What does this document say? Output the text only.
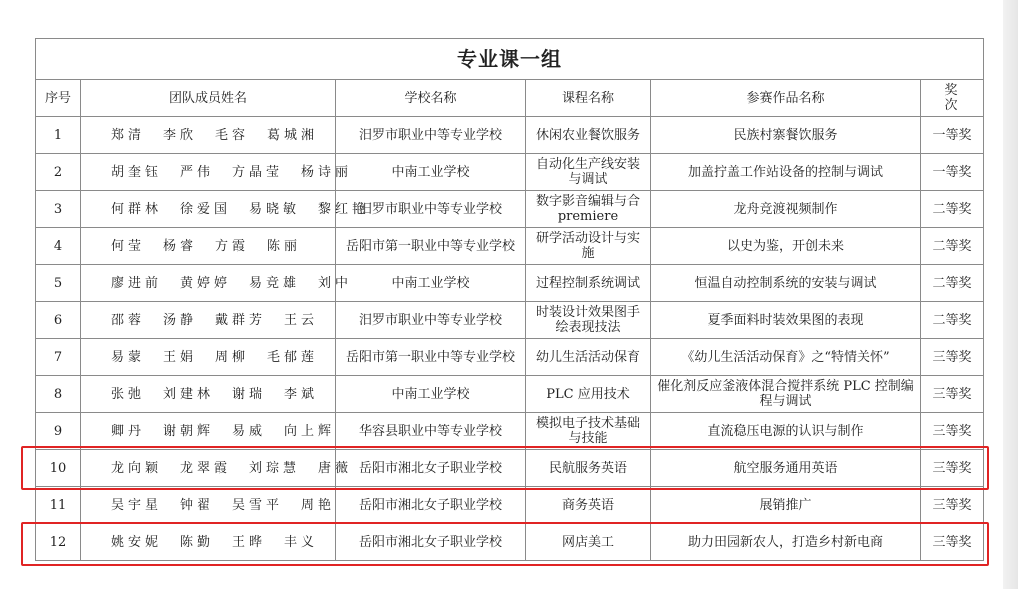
专业课一组					
序号	团队成员姓名	学校名称	课程名称	参赛作品名称	奖次
1	郑清 李欣 毛容 葛城湘	汨罗市职业中等专业学校	休闲农业餐饮服务	民族村寨餐饮服务	一等奖
2	胡奎钰 严伟 方晶莹 杨诗丽	中南工业学校	自动化生产线安装与调试	加盖拧盖工作站设备的控制与调试	一等奖
3	何群林 徐爱国 易晓敏 黎红艳	汨罗市职业中等专业学校	数字影音编辑与合 premiere	龙舟竞渡视频制作	二等奖
4	何莹 杨睿 方霞 陈丽	岳阳市第一职业中等专业学校	研学活动设计与实施	以史为鉴，开创未来	二等奖
5	廖进前 黄婷婷 易竞雄 刘中	中南工业学校	过程控制系统调试	恒温自动控制系统的安装与调试	二等奖
6	邵蓉 汤静 戴群芳 王云	汨罗市职业中等专业学校	时装设计效果图手绘表现技法	夏季面料时装效果图的表现	二等奖
7	易蒙 王娟 周柳 毛郁莲	岳阳市第一职业中等专业学校	幼儿生活活动保育	《幼儿生活活动保育》之“特情关怀”	三等奖
8	张弛 刘建林 谢瑞 李斌	中南工业学校	PLC 应用技术	催化剂反应釜液体混合搅拌系统 PLC 控制编程与调试	三等奖
9	卿丹 谢朝辉 易威 向上辉	华容县职业中等专业学校	模拟电子技术基础与技能	直流稳压电源的认识与制作	三等奖
10	龙向颖 龙翠霞 刘琮慧 唐薇	岳阳市湘北女子职业学校	民航服务英语	航空服务通用英语	三等奖
11	吴宇星 钟翟 吴雪平 周艳	岳阳市湘北女子职业学校	商务英语	展销推广	三等奖
12	姚安妮 陈勤 王晔 丰义	岳阳市湘北女子职业学校	网店美工	助力田园新农人，打造乡村新电商	三等奖
